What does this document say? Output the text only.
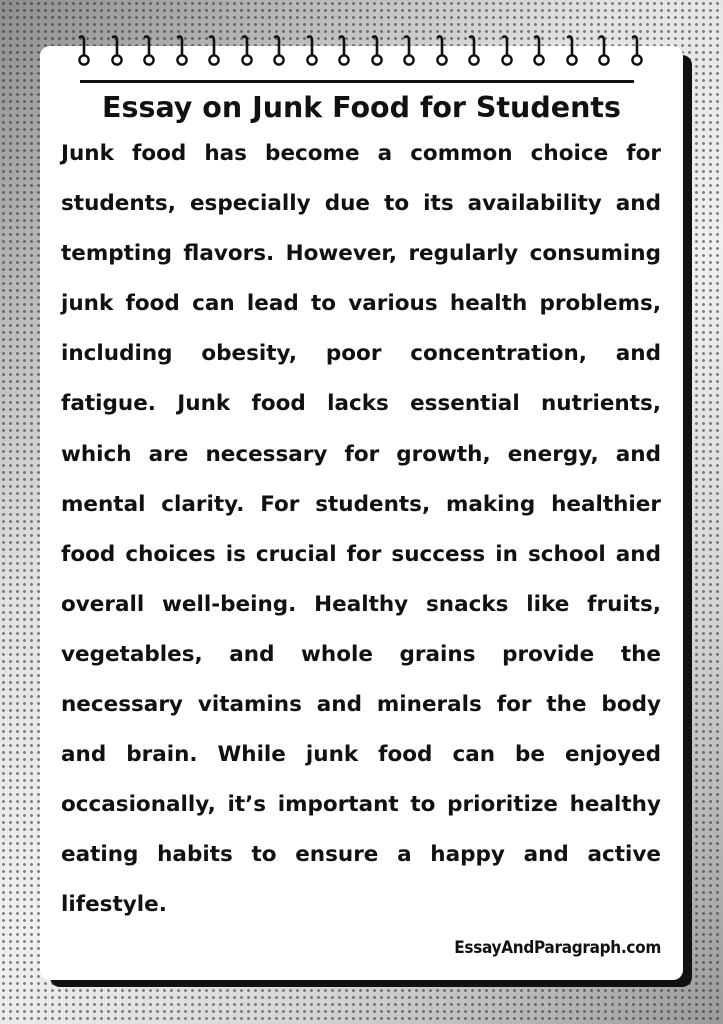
Essay on Junk Food for Students

Junk food has become a common choice for students, especially due to its availability and tempting flavors. However, regularly consuming junk food can lead to various health problems, including obesity, poor concentration, and fatigue. Junk food lacks essential nutrients, which are necessary for growth, energy, and mental clarity. For students, making healthier food choices is crucial for success in school and overall well-being. Healthy snacks like fruits, vegetables, and whole grains provide the necessary vitamins and minerals for the body and brain. While junk food can be enjoyed occasionally, it’s important to prioritize healthy eating habits to ensure a happy and active lifestyle.

EssayAndParagraph.com
